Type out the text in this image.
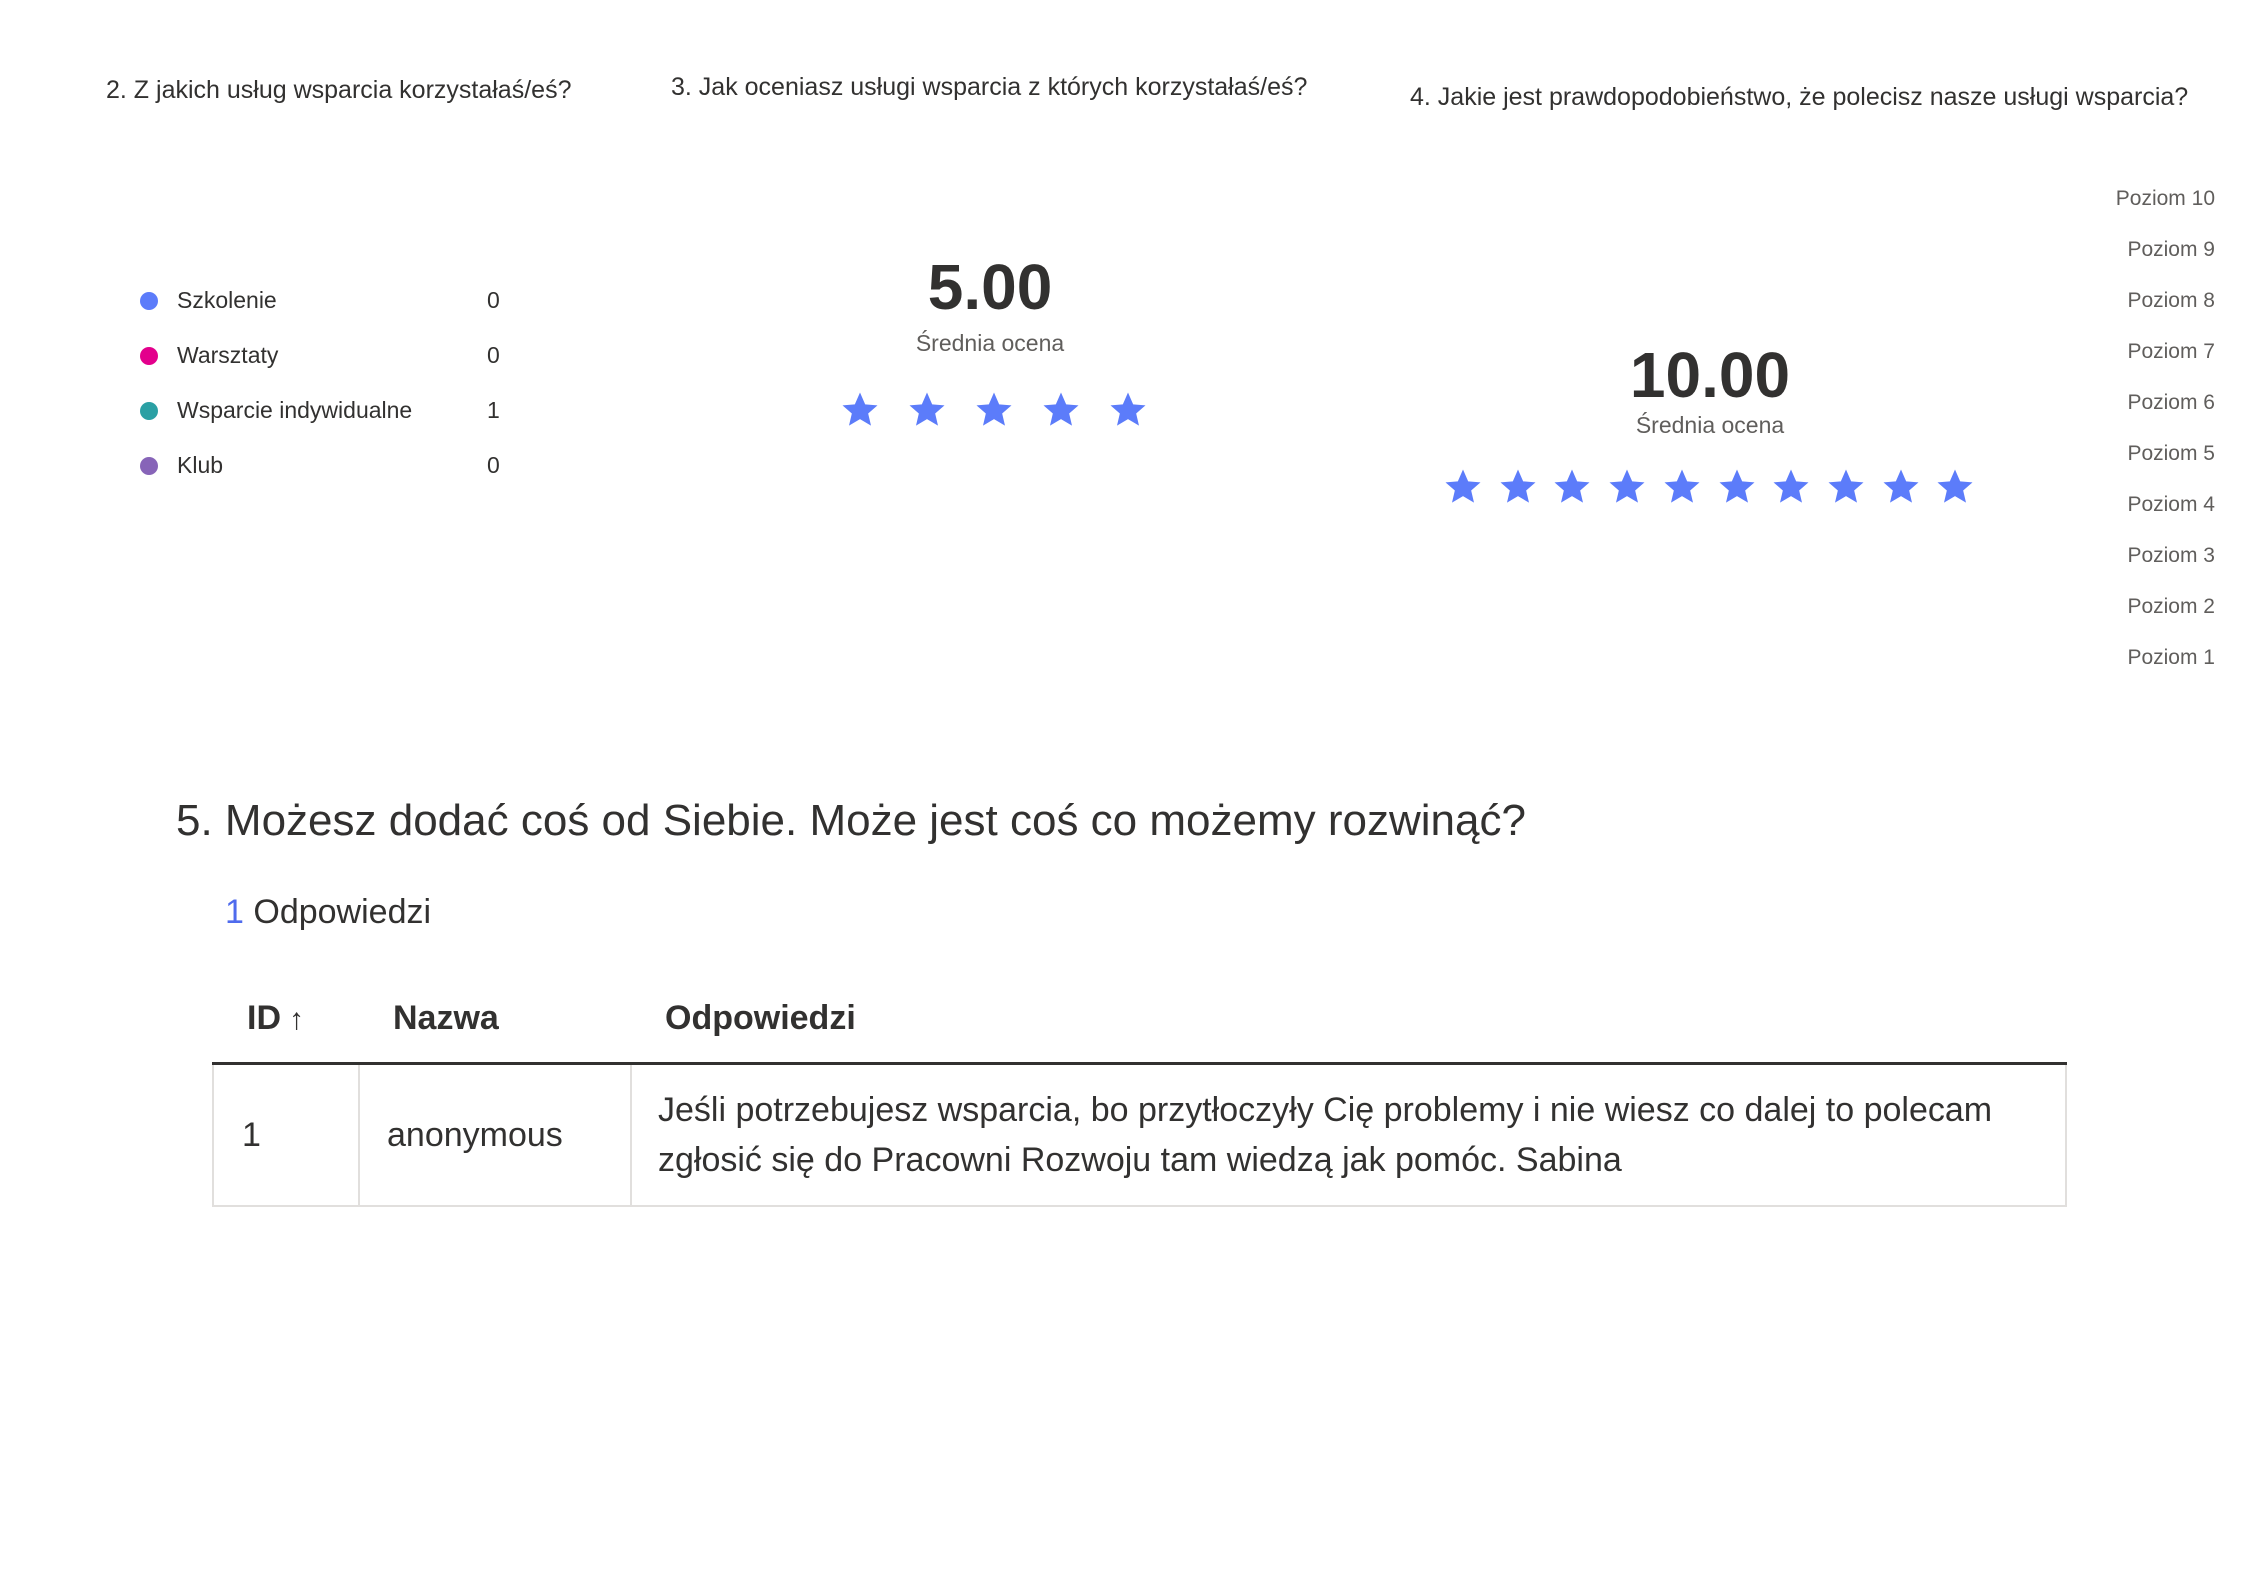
2. Z jakich usług wsparcia korzystałaś/eś?	3. Jak oceniasz usługi wsparcia z których korzystałaś/eś?	4. Jakie jest prawdopodobieństwo, że polecisz nasze usługi wsparcia?
Szkolenie	0
Warsztaty	0
Wsparcie indywidualne	1
Klub	0
5.00
Średnia ocena	10.00
Średnia ocena
Poziom 10
Poziom 9
Poziom 8
Poziom 7
Poziom 6
Poziom 5
Poziom 4
Poziom 3
Poziom 2
Poziom 1
5. Możesz dodać coś od Siebie. Może jest coś co możemy rozwinąć?
1 Odpowiedzi
ID ↑	Nazwa	Odpowiedzi
1	anonymous	Jeśli potrzebujesz wsparcia, bo przytłoczyły Cię problemy i nie wiesz co dalej to polecam zgłosić się do Pracowni Rozwoju tam wiedzą jak pomóc. Sabina
